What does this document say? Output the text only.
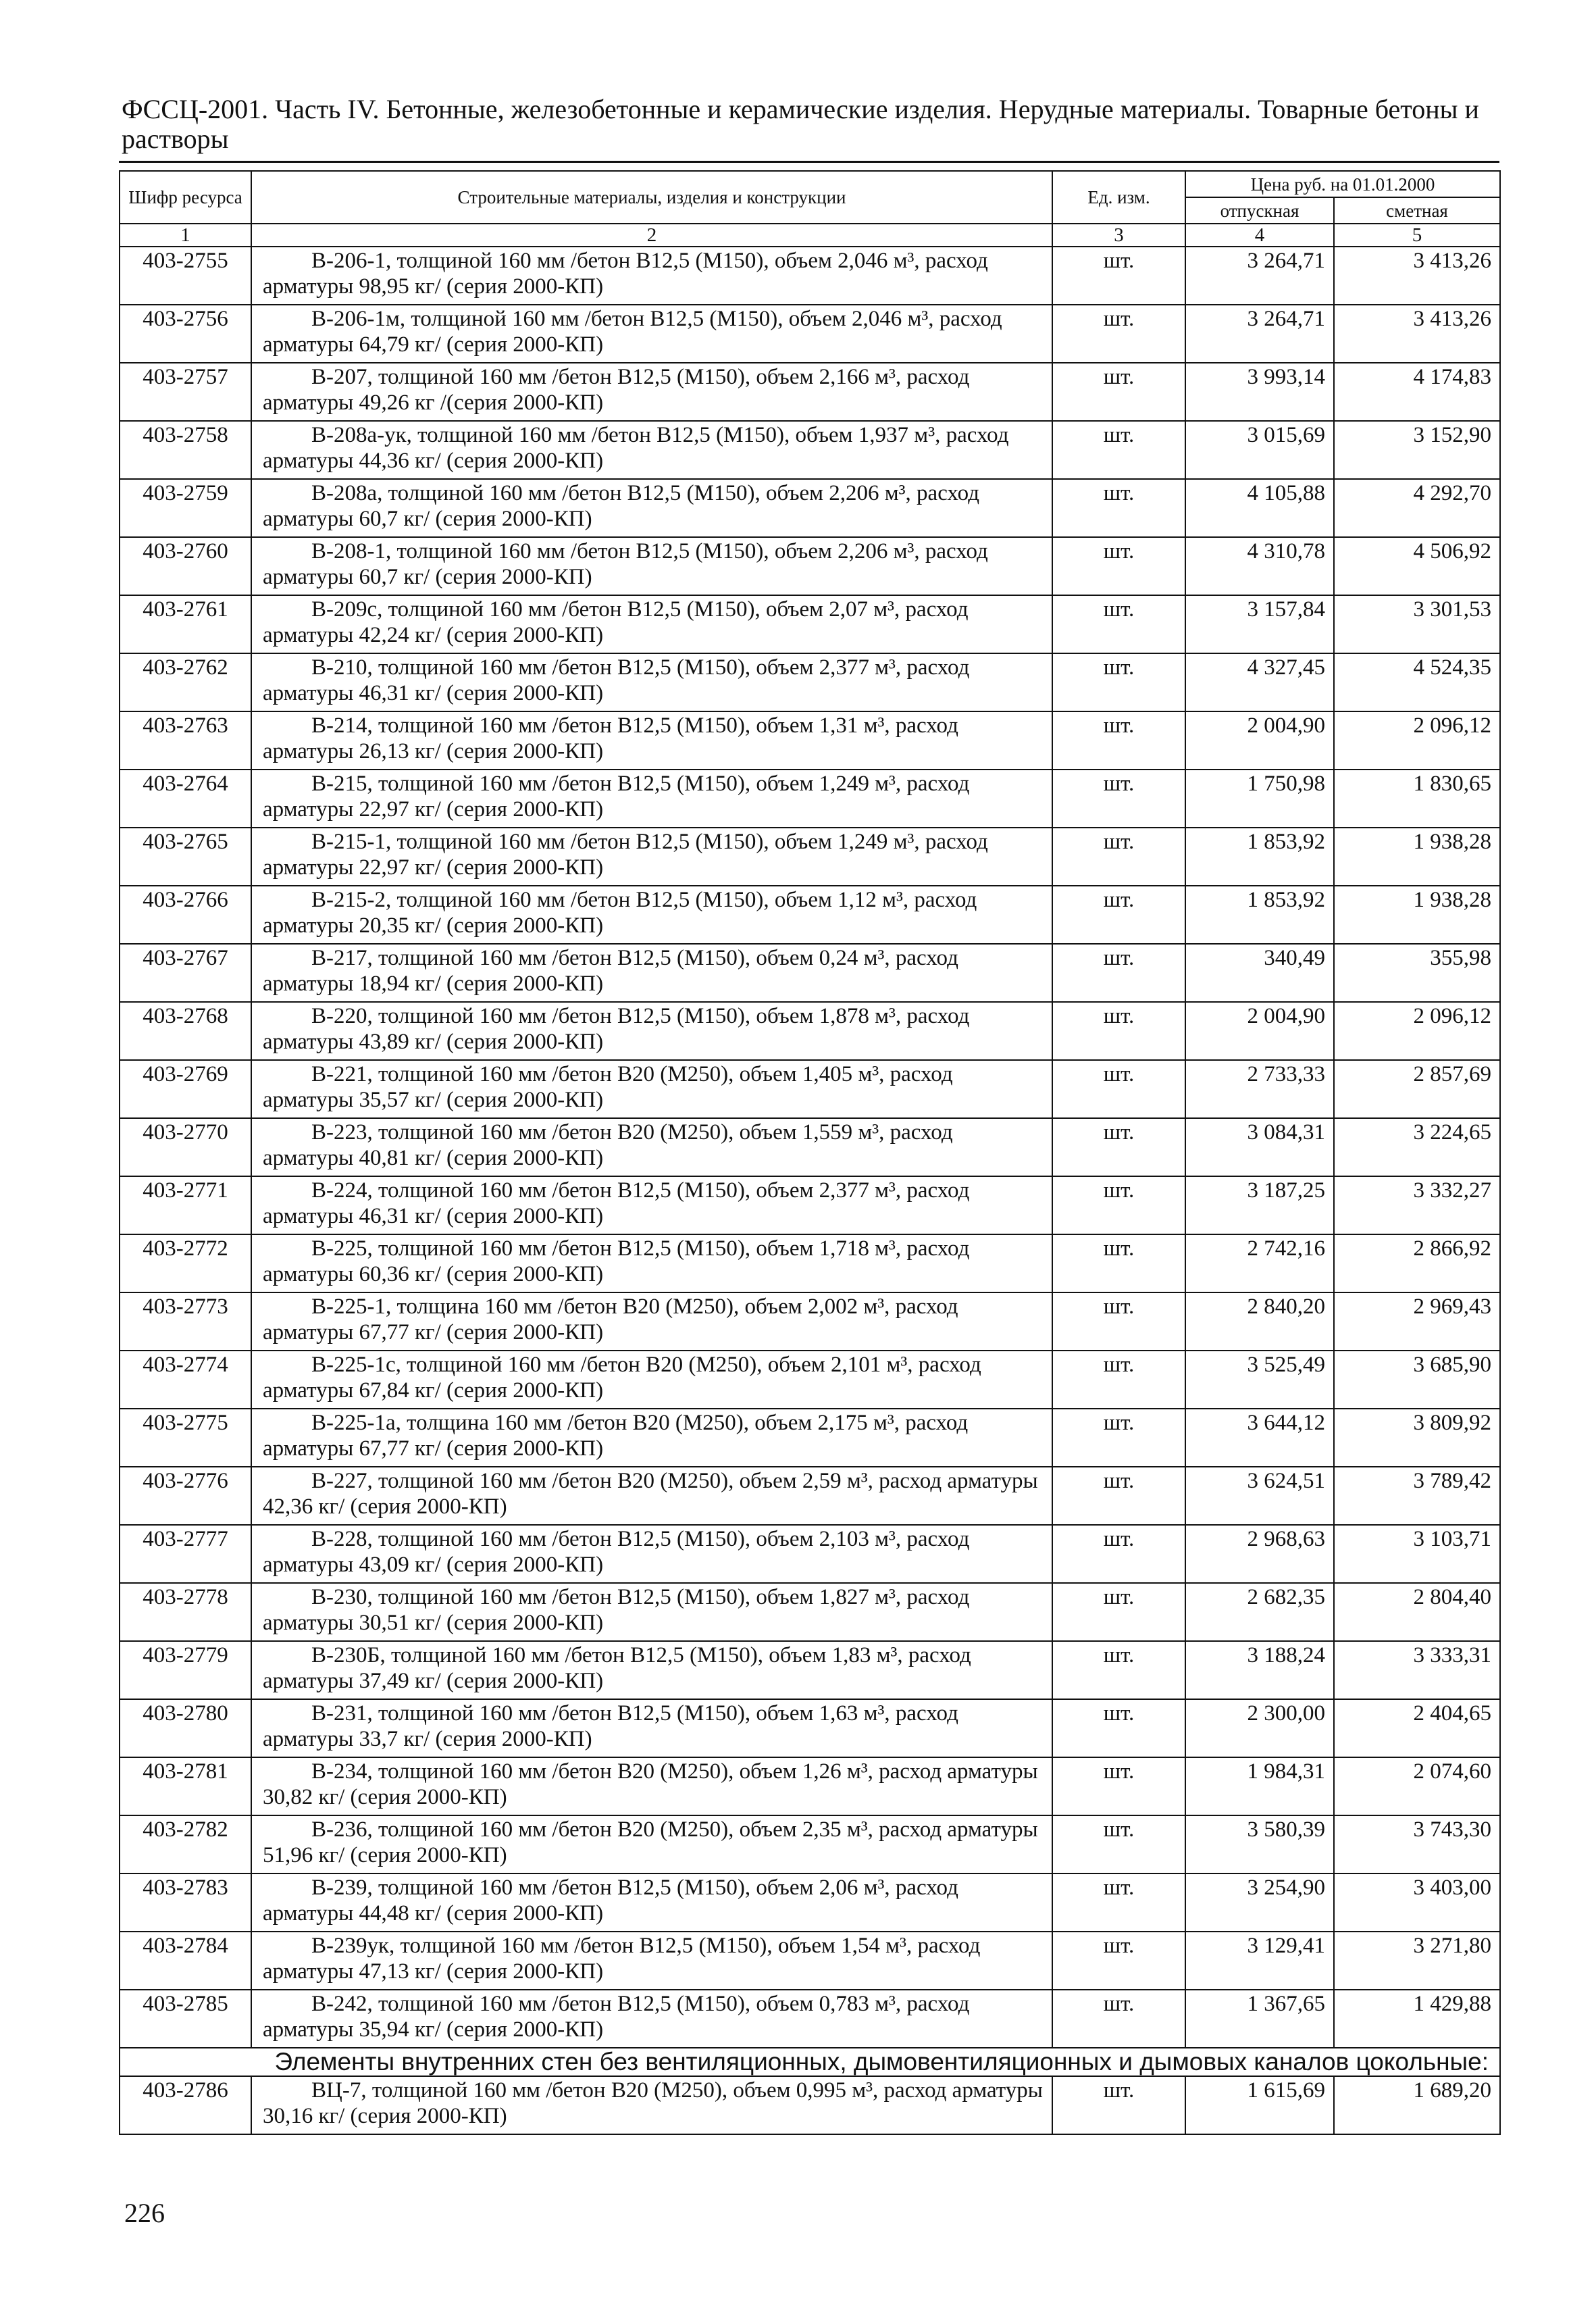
ФССЦ-2001. Часть IV. Бетонные, железобетонные и керамические изделия. Нерудные материалы. Товарные бетоны и растворы
Шифр ресурса	Строительные материалы, изделия и конструкции	Ед. изм.	Цена руб. на 01.01.2000	
			отпускная	сметная
1	2	3	4	5
403-2755	В-206-1, толщиной 160 мм /бетон В12,5 (М150), объем 2,046 м³, расход арматуры 98,95 кг/ (серия 2000-КП)	шт.	3 264,71	3 413,26
403-2756	В-206-1м, толщиной 160 мм /бетон В12,5 (М150), объем 2,046 м³, расход арматуры 64,79 кг/ (серия 2000-КП)	шт.	3 264,71	3 413,26
403-2757	В-207, толщиной 160 мм /бетон В12,5 (М150), объем 2,166 м³, расход арматуры 49,26 кг /(серия 2000-КП)	шт.	3 993,14	4 174,83
403-2758	В-208а-ук, толщиной 160 мм /бетон В12,5 (М150), объем 1,937 м³, расход арматуры 44,36 кг/ (серия 2000-КП)	шт.	3 015,69	3 152,90
403-2759	В-208а, толщиной 160 мм /бетон В12,5 (М150), объем 2,206 м³, расход арматуры 60,7 кг/ (серия 2000-КП)	шт.	4 105,88	4 292,70
403-2760	В-208-1, толщиной 160 мм /бетон В12,5 (М150), объем 2,206 м³, расход арматуры 60,7 кг/ (серия 2000-КП)	шт.	4 310,78	4 506,92
403-2761	В-209с, толщиной 160 мм /бетон В12,5 (М150), объем 2,07 м³, расход арматуры 42,24 кг/ (серия 2000-КП)	шт.	3 157,84	3 301,53
403-2762	В-210, толщиной 160 мм /бетон В12,5 (М150), объем 2,377 м³, расход арматуры 46,31 кг/ (серия 2000-КП)	шт.	4 327,45	4 524,35
403-2763	В-214, толщиной 160 мм /бетон В12,5 (М150), объем 1,31 м³, расход арматуры 26,13 кг/ (серия 2000-КП)	шт.	2 004,90	2 096,12
403-2764	В-215, толщиной 160 мм /бетон В12,5 (М150), объем 1,249 м³, расход арматуры 22,97 кг/ (серия 2000-КП)	шт.	1 750,98	1 830,65
403-2765	В-215-1, толщиной 160 мм /бетон В12,5 (М150), объем 1,249 м³, расход арматуры 22,97 кг/ (серия 2000-КП)	шт.	1 853,92	1 938,28
403-2766	В-215-2, толщиной 160 мм /бетон В12,5 (М150), объем 1,12 м³, расход арматуры 20,35 кг/ (серия 2000-КП)	шт.	1 853,92	1 938,28
403-2767	В-217, толщиной 160 мм /бетон В12,5 (М150), объем 0,24 м³, расход арматуры 18,94 кг/ (серия 2000-КП)	шт.	340,49	355,98
403-2768	В-220, толщиной 160 мм /бетон В12,5 (М150), объем 1,878 м³, расход арматуры 43,89 кг/ (серия 2000-КП)	шт.	2 004,90	2 096,12
403-2769	В-221, толщиной 160 мм /бетон В20 (М250), объем 1,405 м³, расход арматуры 35,57 кг/ (серия 2000-КП)	шт.	2 733,33	2 857,69
403-2770	В-223, толщиной 160 мм /бетон В20 (М250), объем 1,559 м³, расход арматуры 40,81 кг/ (серия 2000-КП)	шт.	3 084,31	3 224,65
403-2771	В-224, толщиной 160 мм /бетон В12,5 (М150), объем 2,377 м³, расход арматуры 46,31 кг/ (серия 2000-КП)	шт.	3 187,25	3 332,27
403-2772	В-225, толщиной 160 мм /бетон В12,5 (М150), объем 1,718 м³, расход арматуры 60,36 кг/ (серия 2000-КП)	шт.	2 742,16	2 866,92
403-2773	В-225-1, толщина 160 мм /бетон В20 (М250), объем 2,002 м³, расход арматуры 67,77 кг/ (серия 2000-КП)	шт.	2 840,20	2 969,43
403-2774	В-225-1с, толщиной 160 мм /бетон В20 (М250), объем 2,101 м³, расход арматуры 67,84 кг/ (серия 2000-КП)	шт.	3 525,49	3 685,90
403-2775	В-225-1а, толщина 160 мм /бетон В20 (М250), объем 2,175 м³, расход арматуры 67,77 кг/ (серия 2000-КП)	шт.	3 644,12	3 809,92
403-2776	В-227, толщиной 160 мм /бетон В20 (М250), объем 2,59 м³, расход арматуры 42,36 кг/ (серия 2000-КП)	шт.	3 624,51	3 789,42
403-2777	В-228, толщиной 160 мм /бетон В12,5 (М150), объем 2,103 м³, расход арматуры 43,09 кг/ (серия 2000-КП)	шт.	2 968,63	3 103,71
403-2778	В-230, толщиной 160 мм /бетон В12,5 (М150), объем 1,827 м³, расход арматуры 30,51 кг/ (серия 2000-КП)	шт.	2 682,35	2 804,40
403-2779	В-230Б, толщиной 160 мм /бетон В12,5 (М150), объем 1,83 м³, расход арматуры 37,49 кг/ (серия 2000-КП)	шт.	3 188,24	3 333,31
403-2780	В-231, толщиной 160 мм /бетон В12,5 (М150), объем 1,63 м³, расход арматуры 33,7 кг/ (серия 2000-КП)	шт.	2 300,00	2 404,65
403-2781	В-234, толщиной 160 мм /бетон В20 (М250), объем 1,26 м³, расход арматуры 30,82 кг/ (серия 2000-КП)	шт.	1 984,31	2 074,60
403-2782	В-236, толщиной 160 мм /бетон В20 (М250), объем 2,35 м³, расход арматуры 51,96 кг/ (серия 2000-КП)	шт.	3 580,39	3 743,30
403-2783	В-239, толщиной 160 мм /бетон В12,5 (М150), объем 2,06 м³, расход арматуры 44,48 кг/ (серия 2000-КП)	шт.	3 254,90	3 403,00
403-2784	В-239ук, толщиной 160 мм /бетон В12,5 (М150), объем 1,54 м³, расход арматуры 47,13 кг/ (серия 2000-КП)	шт.	3 129,41	3 271,80
403-2785	В-242, толщиной 160 мм /бетон В12,5 (М150), объем 0,783 м³, расход арматуры 35,94 кг/ (серия 2000-КП)	шт.	1 367,65	1 429,88
Элементы внутренних стен без вентиляционных, дымовентиляционных и дымовых каналов цокольные:				
403-2786	ВЦ-7, толщиной 160 мм /бетон В20 (М250), объем 0,995 м³, расход арматуры 30,16 кг/ (серия 2000-КП)	шт.	1 615,69	1 689,20
226
